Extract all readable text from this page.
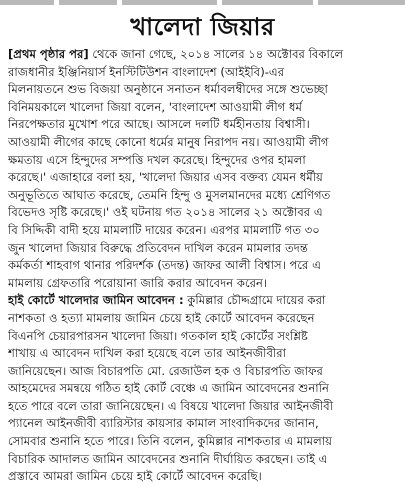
খালেদা জিয়ার

[প্রথম পৃষ্ঠার পর] থেকে জানা গেছে, ২০১৪ সালের ১৪ অক্টোবর বিকালে
রাজধানীর ইঞ্জিনিয়ার্স ইনস্টিটিউশন বাংলাদেশ (আইইবি)-এর
মিলনায়তনে শুভ বিজয়া অনুষ্ঠানে সনাতন ধর্মাবলম্বীদের সঙ্গে শুভেচ্ছা
বিনিময়কালে খালেদা জিয়া বলেন, 'বাংলাদেশ আওয়ামী লীগ ধর্ম
নিরপেক্ষতার মুখোশ পরে আছে। আসলে দলটি ধর্মহীনতায় বিশ্বাসী।
আওয়ামী লীগের কাছে কোনো ধর্মের মানুষ নিরাপদ নয়। আওয়ামী লীগ
ক্ষমতায় এসে হিন্দুদের সম্পত্তি দখল করেছে। হিন্দুদের ওপর হামলা
করেছে।' এজাহারে বলা হয়, 'খালেদা জিয়ার এসব বক্তব্য যেমন ধর্মীয়
অনুভূতিতে আঘাত করেছে, তেমনি হিন্দু ও মুসলমানদের মধ্যে শ্রেণিগত
বিভেদও সৃষ্টি করেছে।' ওই ঘটনায় গত ২০১৪ সালের ২১ অক্টোবর এ
বি সিদ্দিকী বাদী হয়ে মামলাটি দায়ের করেন। এরপর মামলাটি গত ৩০
জুন খালেদা জিয়ার বিরুদ্ধে প্রতিবেদন দাখিল করেন মামলার তদন্ত
কর্মকর্তা শাহবাগ থানার পরিদর্শক (তদন্ত) জাফর আলী বিশ্বাস। পরে এ
মামলায় গ্রেফতারি পরোয়ানা জারি করার আবেদন করেন।

হাই কোর্টে খালেদার জামিন আবেদন : কুমিল্লার চৌদ্দগ্রামে দায়ের করা
নাশকতা ও হত্যা মামলায় জামিন চেয়ে হাই কোর্টে আবেদন করেছেন
বিএনপি চেয়ারপারসন খালেদা জিয়া। গতকাল হাই কোর্টের সংশ্লিষ্ট
শাখায় এ আবেদন দাখিল করা হয়েছে বলে তার আইনজীবীরা
জানিয়েছেন। আজ বিচারপতি মো. রেজাউল হক ও বিচারপতি জাফর
আহমেদের সমন্বয়ে গঠিত হাই কোর্ট বেঞ্চে এ জামিন আবেদনের শুনানি
হতে পারে বলে তারা জানিয়েছেন। এ বিষয়ে খালেদা জিয়ার আইনজীবী
প্যানেল আইনজীবী ব্যারিস্টার কায়সার কামাল সাংবাদিকদের জানান,
সোমবার শুনানি হতে পারে। তিনি বলেন, কুমিল্লার নাশকতার এ মামলায়
বিচারিক আদালত জামিন আবেদনের শুনানি দীর্ঘায়িত করছেন। তাই এ
প্রস্তাবে আমরা জামিন চেয়ে হাই কোর্টে আবেদন করেছি।
